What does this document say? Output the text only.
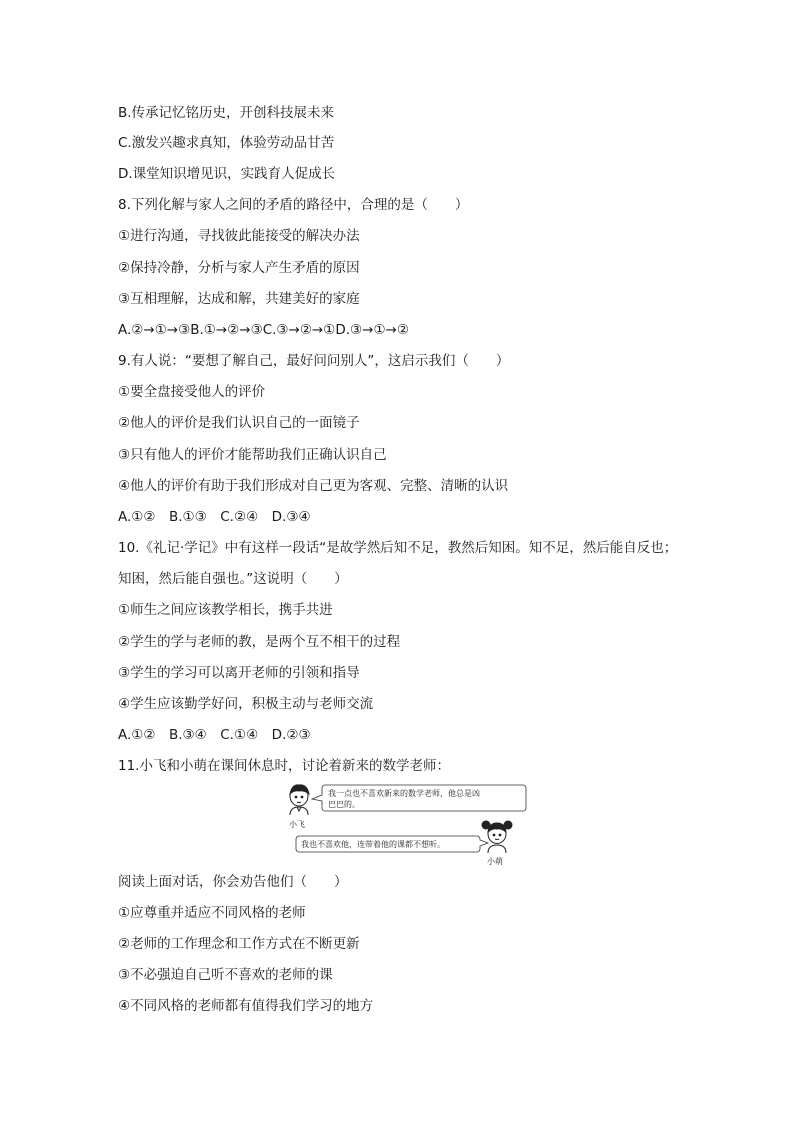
B.传承记忆铭历史，开创科技展未来
C.激发兴趣求真知，体验劳动品甘苦
D.课堂知识增见识，实践育人促成长
8.下列化解与家人之间的矛盾的路径中，合理的是（　　）
①进行沟通，寻找彼此能接受的解决办法
②保持冷静，分析与家人产生矛盾的原因
③互相理解，达成和解，共建美好的家庭
A.②→①→③B.①→②→③C.③→②→①D.③→①→②
9.有人说：“要想了解自己，最好问问别人”，这启示我们（　　）
①要全盘接受他人的评价
②他人的评价是我们认识自己的一面镜子
③只有他人的评价才能帮助我们正确认识自己
④他人的评价有助于我们形成对自己更为客观、完整、清晰的认识
A.①②　B.①③　C.②④　D.③④
10.《礼记·学记》中有这样一段话“是故学然后知不足，教然后知困。知不足，然后能自反也；
知困，然后能自强也。”这说明（　　）
①师生之间应该教学相长，携手共进
②学生的学与老师的教，是两个互不相干的过程
③学生的学习可以离开老师的引领和指导
④学生应该勤学好问，积极主动与老师交流
A.①②　B.③④　C.①④　D.②③
11.小飞和小萌在课间休息时，讨论着新来的数学老师：
小飞
我一点也不喜欢新来的数学老师，他总是凶
巴巴的。
我也不喜欢他，连带着他的课都不想听。
小萌
阅读上面对话，你会劝告他们（　　）
①应尊重并适应不同风格的老师
②老师的工作理念和工作方式在不断更新
③不必强迫自己听不喜欢的老师的课
④不同风格的老师都有值得我们学习的地方
